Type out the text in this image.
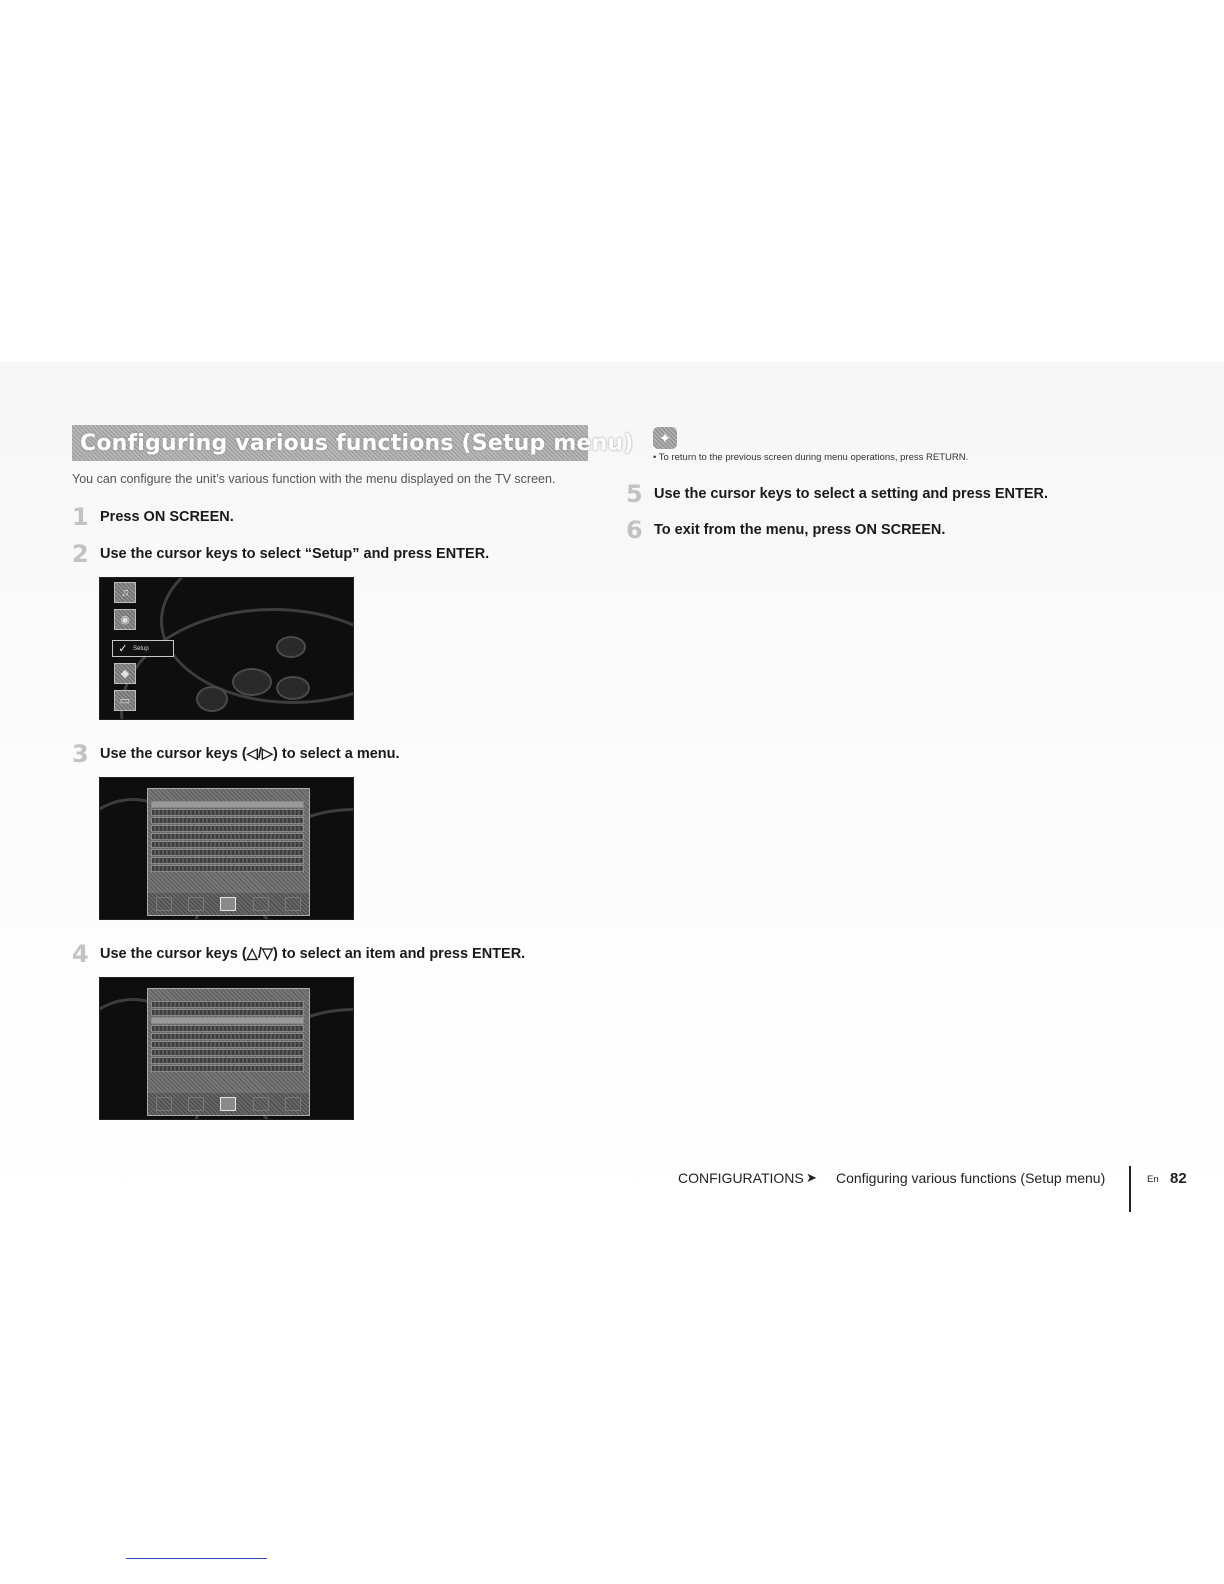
Configuring various functions (Setup menu)
You can configure the unit’s various function with the menu displayed on the TV screen.
1 Press ON SCREEN.
2 Use the cursor keys to select “Setup” and press ENTER.
♫
◉
◆
▭
✓ Setup
3 Use the cursor keys (◁/▷) to select a menu.
4 Use the cursor keys (△/▽) to select an item and press ENTER.
✦
• To return to the previous screen during menu operations, press RETURN.
5 Use the cursor keys to select a setting and press ENTER.
6 To exit from the menu, press ON SCREEN.
CONFIGURATIONS ➤ Configuring various functions (Setup menu)	En 82
